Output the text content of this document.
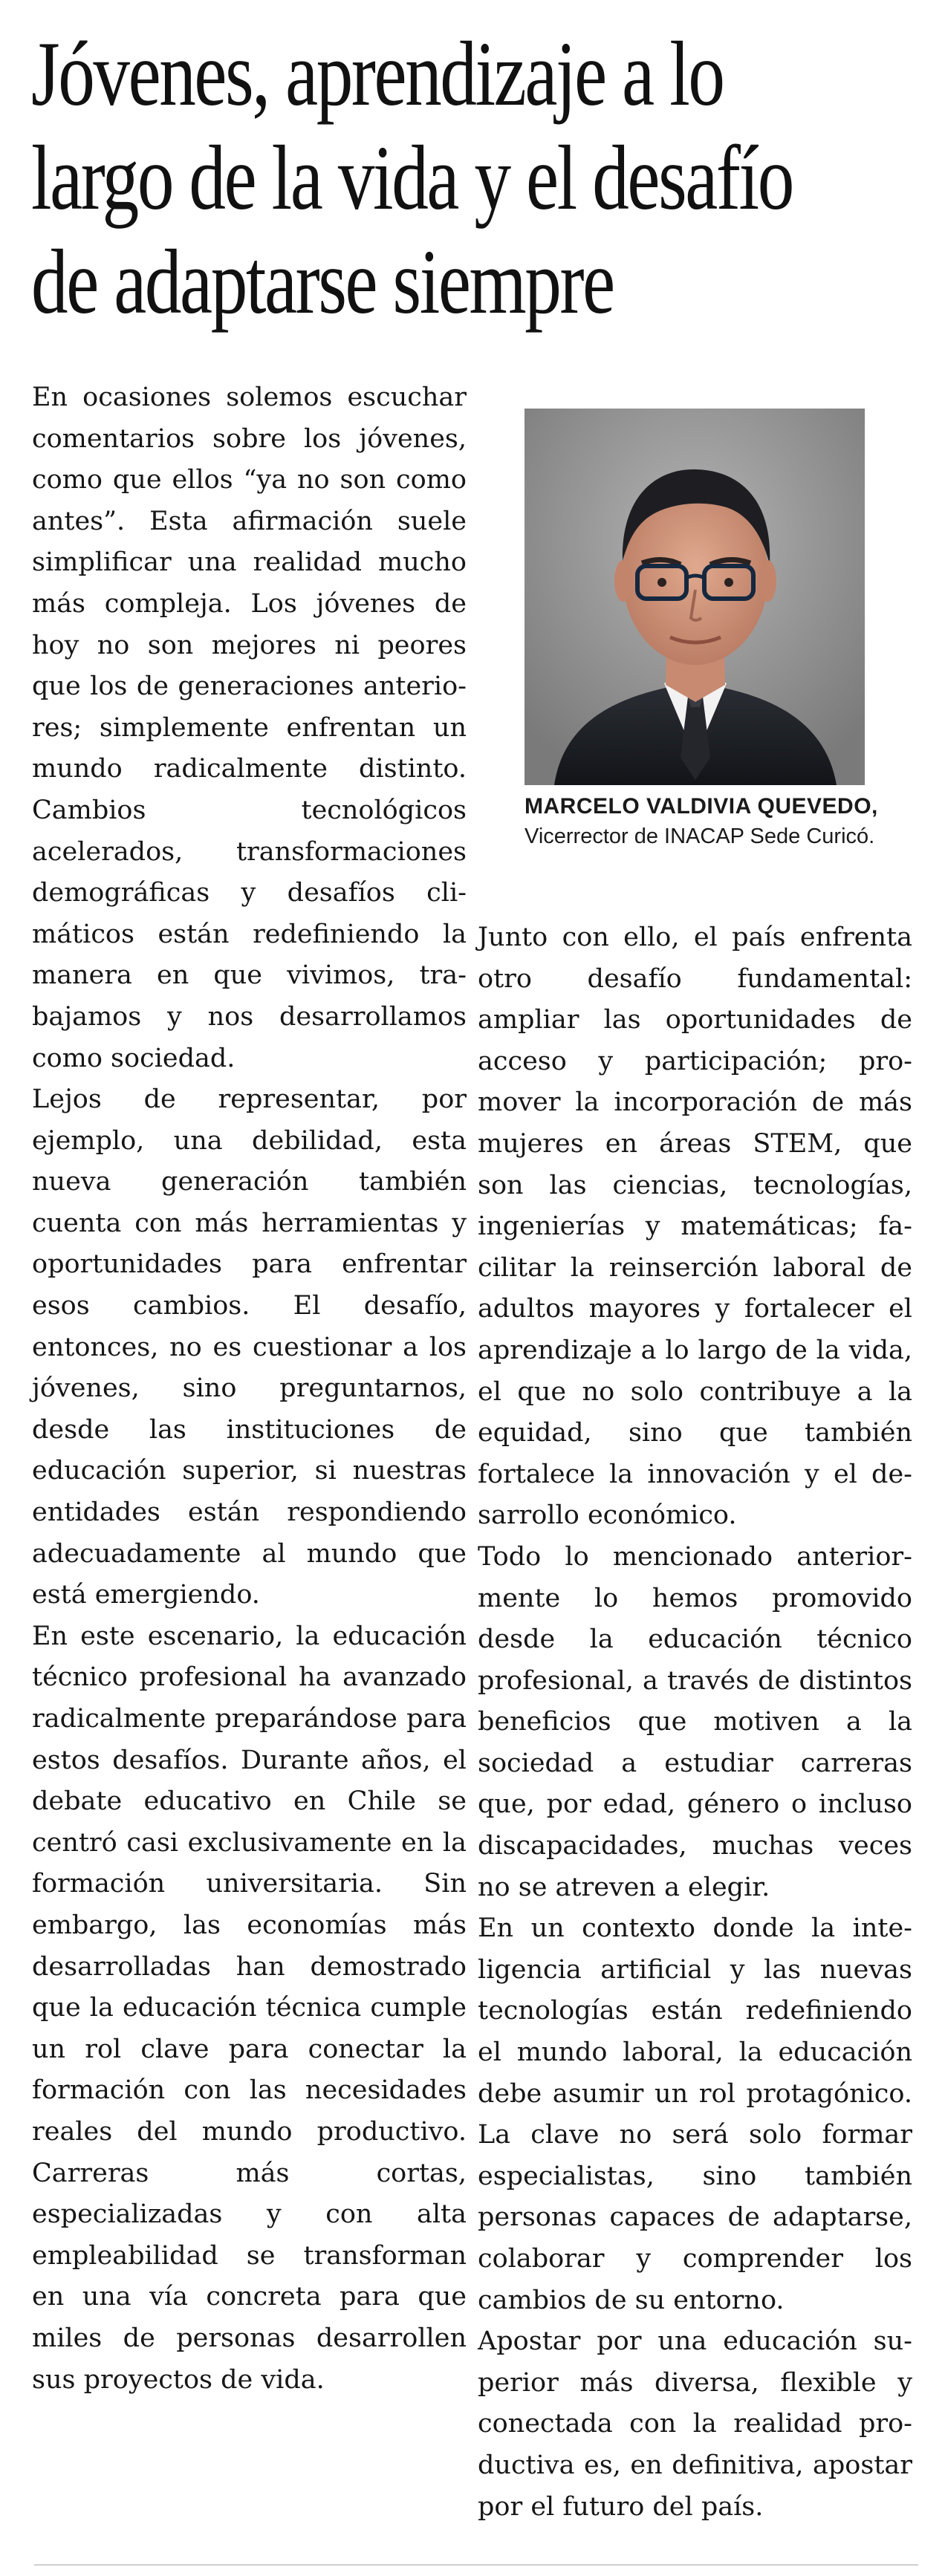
Jóvenes, aprendizaje a lo
largo de la vida y el desafío
de adaptarse siempre

En ocasiones solemos escuchar comentarios sobre los jóvenes, como que ellos “ya no son como antes”. Esta afirmación suele simplificar una realidad mucho más compleja. Los jóvenes de hoy no son mejores ni peores que los de generaciones anteriores; simplemente enfrentan un mundo radicalmente distinto. Cambios tecnológicos acelerados, transformaciones demográficas y desafíos climáticos están redefiniendo la manera en que vivimos, trabajamos y nos desarrollamos como sociedad.

Lejos de representar, por ejemplo, una debilidad, esta nueva generación también cuenta con más herramientas y oportunidades para enfrentar esos cambios. El desafío, entonces, no es cuestionar a los jóvenes, sino preguntarnos, desde las instituciones de educación superior, si nuestras entidades están respondiendo adecuadamente al mundo que está emergiendo.

En este escenario, la educación técnico profesional ha avanzado radicalmente preparándose para estos desafíos. Durante años, el debate educativo en Chile se centró casi exclusivamente en la formación universitaria. Sin embargo, las economías más desarrolladas han demostrado que la educación técnica cumple un rol clave para conectar la formación con las necesidades reales del mundo productivo. Carreras más cortas, especializadas y con alta empleabilidad se transforman en una vía concreta para que miles de personas desarrollen sus proyectos de vida.

MARCELO VALDIVIA QUEVEDO,
Vicerrector de INACAP Sede Curicó.

Junto con ello, el país enfrenta otro desafío fundamental: ampliar las oportunidades de acceso y participación; promover la incorporación de más mujeres en áreas STEM, que son las ciencias, tecnologías, ingenierías y matemáticas; facilitar la reinserción laboral de adultos mayores y fortalecer el aprendizaje a lo largo de la vida, el que no solo contribuye a la equidad, sino que también fortalece la innovación y el desarrollo económico.

Todo lo mencionado anteriormente lo hemos promovido desde la educación técnico profesional, a través de distintos beneficios que motiven a la sociedad a estudiar carreras que, por edad, género o incluso discapacidades, muchas veces no se atreven a elegir.

En un contexto donde la inteligencia artificial y las nuevas tecnologías están redefiniendo el mundo laboral, la educación debe asumir un rol protagónico. La clave no será solo formar especialistas, sino también personas capaces de adaptarse, colaborar y comprender los cambios de su entorno.

Apostar por una educación superior más diversa, flexible y conectada con la realidad productiva es, en definitiva, apostar por el futuro del país.
